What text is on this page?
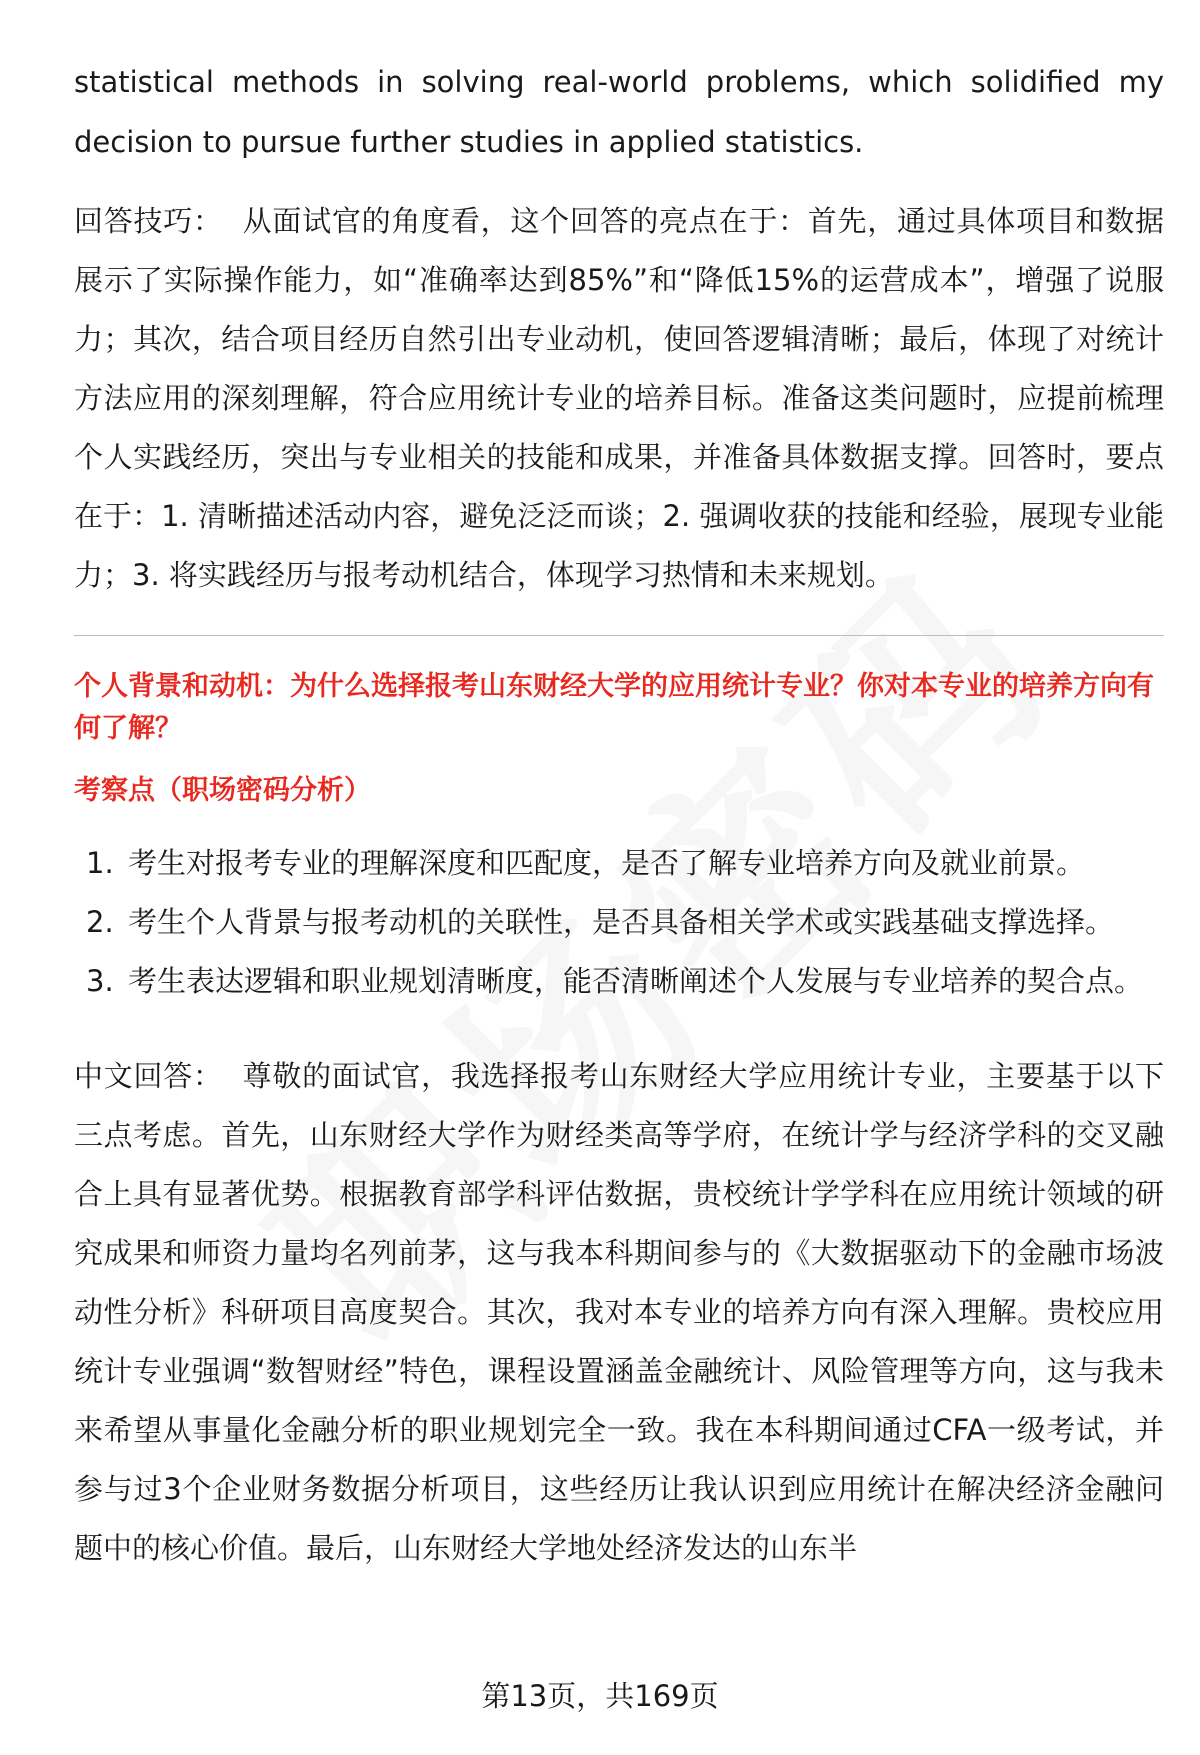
statistical methods in solving real-world problems, which solidified my decision to pursue further studies in applied statistics.

回答技巧： 从面试官的角度看，这个回答的亮点在于：首先，通过具体项目和数据展示了实际操作能力，如“准确率达到85%”和“降低15%的运营成本”，增强了说服力；其次，结合项目经历自然引出专业动机，使回答逻辑清晰；最后，体现了对统计方法应用的深刻理解，符合应用统计专业的培养目标。准备这类问题时，应提前梳理个人实践经历，突出与专业相关的技能和成果，并准备具体数据支撑。回答时，要点在于：1. 清晰描述活动内容，避免泛泛而谈；2. 强调收获的技能和经验，展现专业能力；3. 将实践经历与报考动机结合，体现学习热情和未来规划。

个人背景和动机：为什么选择报考山东财经大学的应用统计专业？你对本专业的培养方向有何了解？

考察点（职场密码分析）

1. 考生对报考专业的理解深度和匹配度，是否了解专业培养方向及就业前景。
2. 考生个人背景与报考动机的关联性，是否具备相关学术或实践基础支撑选择。
3. 考生表达逻辑和职业规划清晰度，能否清晰阐述个人发展与专业培养的契合点。

中文回答： 尊敬的面试官，我选择报考山东财经大学应用统计专业，主要基于以下三点考虑。首先，山东财经大学作为财经类高等学府，在统计学与经济学科的交叉融合上具有显著优势。根据教育部学科评估数据，贵校统计学学科在应用统计领域的研究成果和师资力量均名列前茅，这与我本科期间参与的《大数据驱动下的金融市场波动性分析》科研项目高度契合。其次，我对本专业的培养方向有深入理解。贵校应用统计专业强调“数智财经”特色，课程设置涵盖金融统计、风险管理等方向，这与我未来希望从事量化金融分析的职业规划完全一致。我在本科期间通过CFA一级考试，并参与过3个企业财务数据分析项目，这些经历让我认识到应用统计在解决经济金融问题中的核心价值。最后，山东财经大学地处经济发达的山东半

第13页，共169页
